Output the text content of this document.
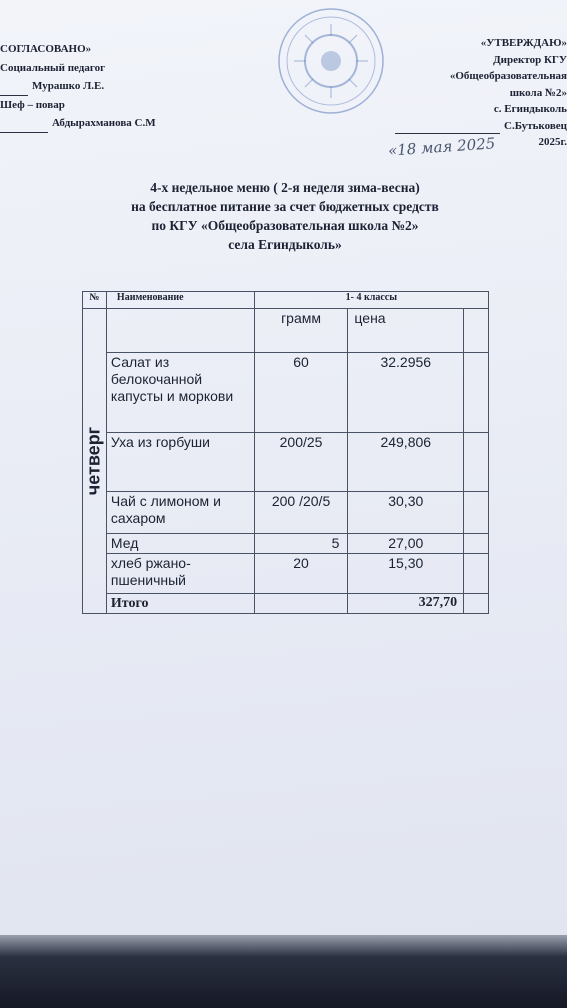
СОГЛАСОВАНО»
Социальный педагог
Мурашко Л.Е.
Шеф – повар
Абдырахманова С.М
«УТВЕРЖДАЮ»
Директор КГУ
«Общеобразовательная
школа №2»
с. Егиндыколь
С.Бутьковец
2025г.
«18 мая 2025
4-х недельное меню ( 2-я неделя зима-весна)
на бесплатное питание за счет бюджетных средств
по КГУ «Общеобразовательная школа №2»
села Егиндыколь»
№	Наименование	1- 4 классы		

четверг		грамм	цена	
	Салат из белокочанной капусты и моркови	60	32.2956	
	Уха из горбуши	200/25	249,806	
	Чай с лимоном и сахаром	200 /20/5	30,30	
	Мед	5	27,00	
	хлеб ржано-пшеничный	20	15,30	
	Итого		327,70	
